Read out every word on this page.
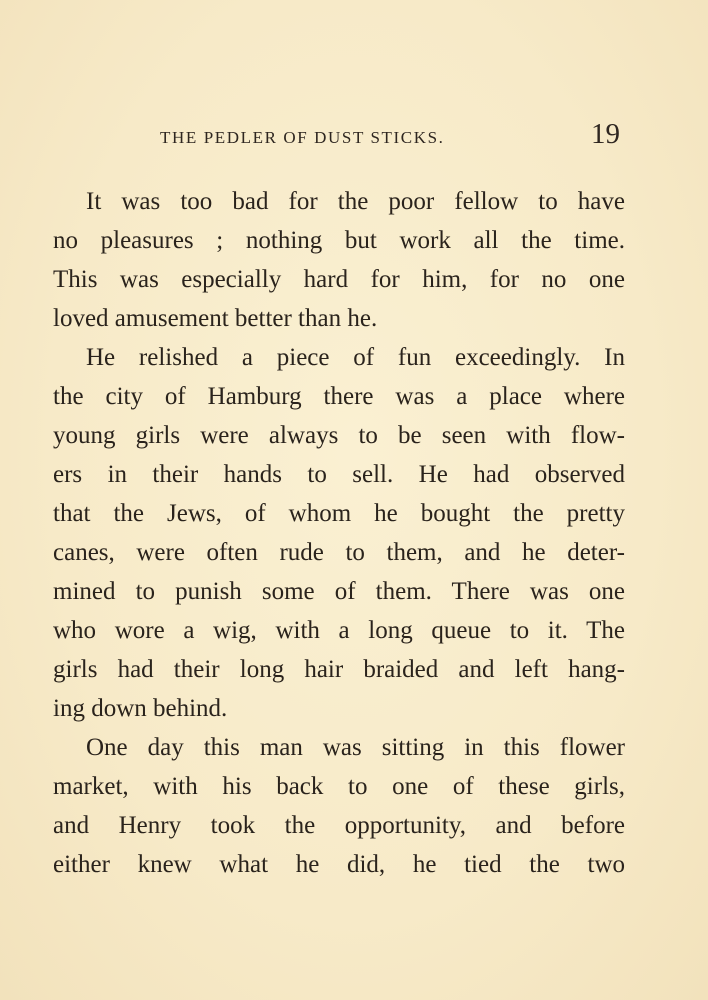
THE PEDLER OF DUST STICKS.	19
It was too bad for the poor fellow to have
no pleasures ; nothing but work all the time.
This was especially hard for him, for no one
loved amusement better than he.
He relished a piece of fun exceedingly. In
the city of Hamburg there was a place where
young girls were always to be seen with flow-
ers in their hands to sell. He had observed
that the Jews, of whom he bought the pretty
canes, were often rude to them, and he deter-
mined to punish some of them. There was one
who wore a wig, with a long queue to it. The
girls had their long hair braided and left hang-
ing down behind.
One day this man was sitting in this flower
market, with his back to one of these girls,
and Henry took the opportunity, and before
either knew what he did, he tied the two
